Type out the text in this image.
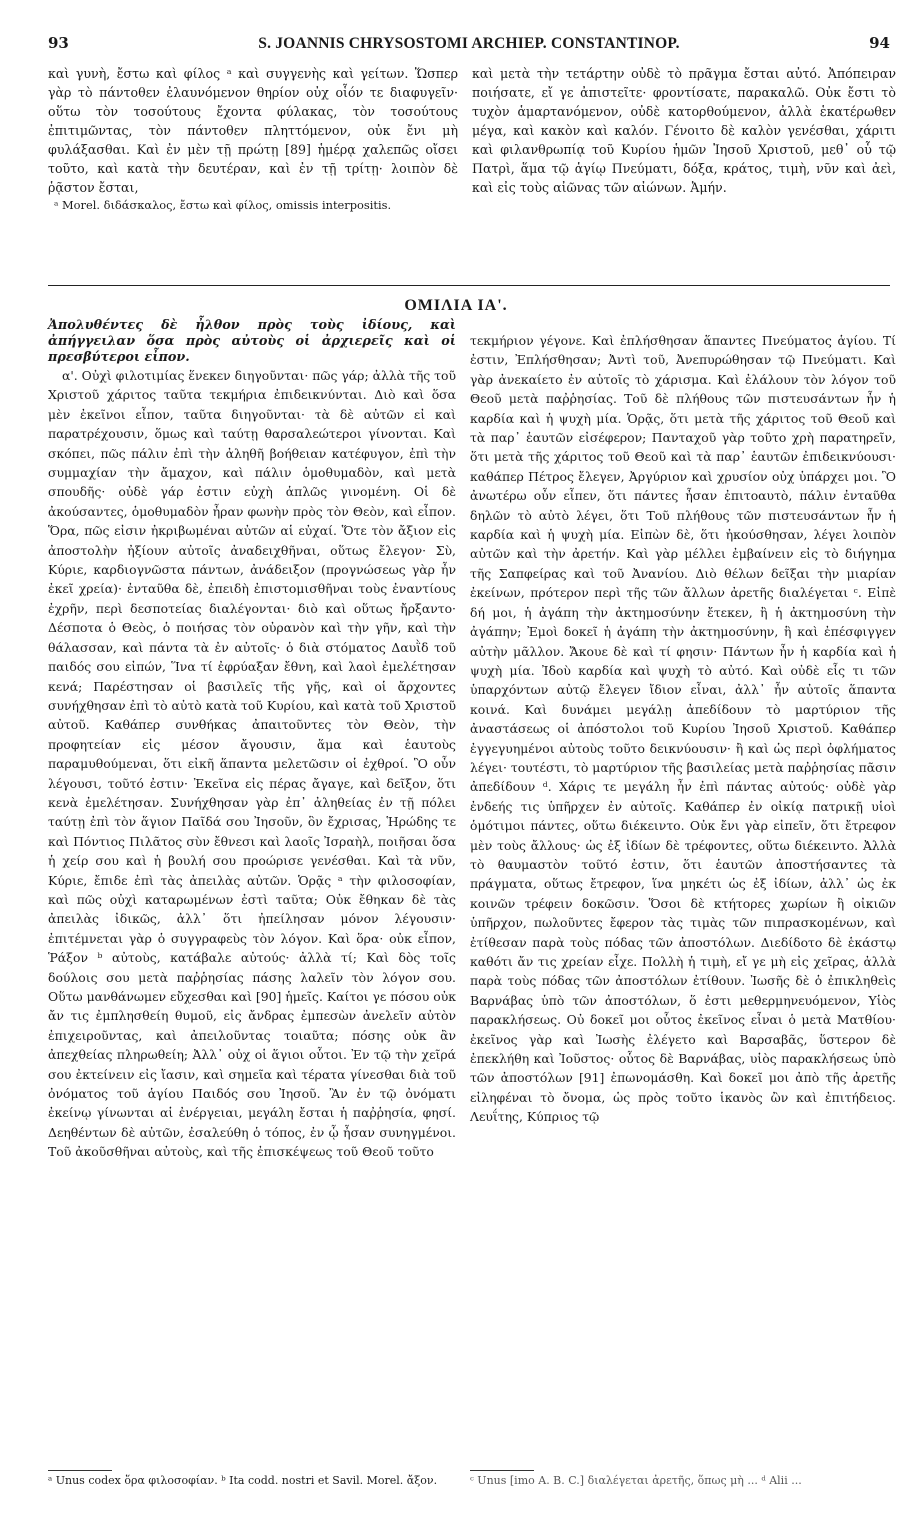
93	S. JOANNIS CHRYSOSTOMI ARCHIEP. CONSTANTINOP.	94

καὶ γυνὴ, ἔστω καὶ φίλος ᵃ καὶ συγγενὴς καὶ γείτων. Ὥσπερ γὰρ τὸ πάντοθεν ἐλαυνόμενον θηρίον οὐχ οἷόν τε διαφυγεῖν· οὕτω τὸν τοσούτους ἔχοντα φύλακας, τὸν τοσούτους ἐπιτιμῶντας, τὸν πάντοθεν πληττόμενον, οὐκ ἔνι μὴ φυλάξασθαι. Καὶ ἐν μὲν τῇ πρώτῃ [89] ἡμέρᾳ χαλεπῶς οἴσει τοῦτο, καὶ κατὰ τὴν δευτέραν, καὶ ἐν τῇ τρίτῃ· λοιπὸν δὲ ῥᾷστον ἔσται,

ᵃ Morel. διδάσκαλος, ἔστω καὶ φίλος, omissis interpositis.

καὶ μετὰ τὴν τετάρτην οὐδὲ τὸ πρᾶγμα ἔσται αὐτό. Ἀπόπειραν ποιήσατε, εἴ γε ἀπιστεῖτε· φροντίσατε, παρακαλῶ. Οὐκ ἔστι τὸ τυχὸν ἁμαρτανόμενον, οὐδὲ κατορθούμενον, ἀλλὰ ἑκατέρωθεν μέγα, καὶ κακὸν καὶ καλόν. Γένοιτο δὲ καλὸν γενέσθαι, χάριτι καὶ φιλανθρωπίᾳ τοῦ Κυρίου ἡμῶν Ἰησοῦ Χριστοῦ, μεθ᾽ οὗ τῷ Πατρὶ, ἅμα τῷ ἁγίῳ Πνεύματι, δόξα, κράτος, τιμὴ, νῦν καὶ ἀεὶ, καὶ εἰς τοὺς αἰῶνας τῶν αἰώνων. Ἀμήν.

ΟΜΙΛΙΑ ΙΑ'.

Ἀπολυθέντες δὲ ἦλθον πρὸς τοὺς ἰδίους, καὶ ἀπήγγειλαν ὅσα πρὸς αὐτοὺς οἱ ἀρχιερεῖς καὶ οἱ πρεσβύτεροι εἶπον.

α'. Οὐχὶ φιλοτιμίας ἕνεκεν διηγοῦνται· πῶς γάρ; ἀλλὰ τῆς τοῦ Χριστοῦ χάριτος ταῦτα τεκμήρια ἐπιδεικνύνται. Διὸ καὶ ὅσα μὲν ἐκεῖνοι εἶπον, ταῦτα διηγοῦνται· τὰ δὲ αὐτῶν εἰ καὶ παρατρέχουσιν, ὅμως καὶ ταύτῃ θαρσαλεώτεροι γίνονται. Καὶ σκόπει, πῶς πάλιν ἐπὶ τὴν ἀληθῆ βοήθειαν κατέφυγον, ἐπὶ τὴν συμμαχίαν τὴν ἄμαχον, καὶ πάλιν ὁμοθυμαδὸν, καὶ μετὰ σπουδῆς· οὐδὲ γάρ ἐστιν εὐχὴ ἁπλῶς γινομένη. Οἱ δὲ ἀκούσαντες, ὁμοθυμαδὸν ἦραν φωνὴν πρὸς τὸν Θεὸν, καὶ εἶπον. Ὅρα, πῶς εἰσιν ἠκριβωμέναι αὐτῶν αἱ εὐχαί. Ὅτε τὸν ἄξιον εἰς ἀποστολὴν ἠξίουν αὐτοῖς ἀναδειχθῆναι, οὕτως ἔλεγον· Σὺ, Κύριε, καρδιογνῶστα πάντων, ἀνάδειξον (προγνώσεως γὰρ ἦν ἐκεῖ χρεία)· ἐνταῦθα δὲ, ἐπειδὴ ἐπιστομισθῆναι τοὺς ἐναντίους ἐχρῆν, περὶ δεσποτείας διαλέγονται· διὸ καὶ οὕτως ἤρξαντο· Δέσποτα ὁ Θεὸς, ὁ ποιήσας τὸν οὐρανὸν καὶ τὴν γῆν, καὶ τὴν θάλασσαν, καὶ πάντα τὰ ἐν αὐτοῖς· ὁ διὰ στόματος Δαυῒδ τοῦ παιδός σου εἰπών, Ἵνα τί ἐφρύαξαν ἔθνη, καὶ λαοὶ ἐμελέτησαν κενά; Παρέστησαν οἱ βασιλεῖς τῆς γῆς, καὶ οἱ ἄρχοντες συνήχθησαν ἐπὶ τὸ αὐτὸ κατὰ τοῦ Κυρίου, καὶ κατὰ τοῦ Χριστοῦ αὐτοῦ. Καθάπερ συνθήκας ἀπαιτοῦντες τὸν Θεὸν, τὴν προφητείαν εἰς μέσον ἄγουσιν, ἅμα καὶ ἑαυτοὺς παραμυθούμεναι, ὅτι εἰκῆ ἅπαντα μελετῶσιν οἱ ἐχθροί. Ὃ οὖν λέγουσι, τοῦτό ἐστιν· Ἐκεῖνα εἰς πέρας ἄγαγε, καὶ δεῖξον, ὅτι κενὰ ἐμελέτησαν. Συνήχθησαν γὰρ ἐπ᾽ ἀληθείας ἐν τῇ πόλει ταύτῃ ἐπὶ τὸν ἅγιον Παῖδά σου Ἰησοῦν, ὃν ἔχρισας, Ἡρώδης τε καὶ Πόντιος Πιλᾶτος σὺν ἔθνεσι καὶ λαοῖς Ἰσραὴλ, ποιῆσαι ὅσα ἡ χείρ σου καὶ ἡ βουλή σου προώρισε γενέσθαι. Καὶ τὰ νῦν, Κύριε, ἔπιδε ἐπὶ τὰς ἀπειλὰς αὐτῶν. Ὁρᾷς ᵃ τὴν φιλοσοφίαν, καὶ πῶς οὐχὶ καταρωμένων ἐστὶ ταῦτα; Οὐκ ἔθηκαν δὲ τὰς ἀπειλὰς ἰδικῶς, ἀλλ᾽ ὅτι ἠπείλησαν μόνον λέγουσιν· ἐπιτέμνεται γὰρ ὁ συγγραφεὺς τὸν λόγον. Καὶ ὅρα· οὐκ εἶπον, Ῥάξον ᵇ αὐτοὺς, κατάβαλε αὐτούς· ἀλλὰ τί; Καὶ δὸς τοῖς δούλοις σου μετὰ παῤῥησίας πάσης λαλεῖν τὸν λόγον σου. Οὕτω μανθάνωμεν εὔχεσθαι καὶ [90] ἡμεῖς. Καίτοι γε πόσου οὐκ ἄν τις ἐμπλησθείη θυμοῦ, εἰς ἄνδρας ἐμπεσὼν ἀνελεῖν αὐτὸν ἐπιχειροῦντας, καὶ ἀπειλοῦντας τοιαῦτα; πόσης οὐκ ἂν ἀπεχθείας πληρωθείη; Ἀλλ᾽ οὐχ οἱ ἅγιοι οὗτοι. Ἐν τῷ τὴν χεῖρά σου ἐκτείνειν εἰς ἴασιν, καὶ σημεῖα καὶ τέρατα γίνεσθαι διὰ τοῦ ὀνόματος τοῦ ἁγίου Παιδός σου Ἰησοῦ. Ἂν ἐν τῷ ὀνόματι ἐκείνῳ γίνωνται αἱ ἐνέργειαι, μεγάλη ἔσται ἡ παῤῥησία, φησί. Δεηθέντων δὲ αὐτῶν, ἐσαλεύθη ὁ τόπος, ἐν ᾧ ἦσαν συνηγμένοι. Τοῦ ἀκοῦσθῆναι αὐτοὺς, καὶ τῆς ἐπισκέψεως τοῦ Θεοῦ τοῦτο

τεκμήριον γέγονε. Καὶ ἐπλήσθησαν ἅπαντες Πνεύματος ἁγίου. Τί ἐστιν, Ἐπλήσθησαν; Ἀντὶ τοῦ, Ἀνεπυρώθησαν τῷ Πνεύματι. Καὶ γὰρ ἀνεκαίετο ἐν αὐτοῖς τὸ χάρισμα. Καὶ ἐλάλουν τὸν λόγον τοῦ Θεοῦ μετὰ παῤῥησίας. Τοῦ δὲ πλήθους τῶν πιστευσάντων ἦν ἡ καρδία καὶ ἡ ψυχὴ μία. Ὁρᾷς, ὅτι μετὰ τῆς χάριτος τοῦ Θεοῦ καὶ τὰ παρ᾽ ἑαυτῶν εἰσέφερον; Πανταχοῦ γὰρ τοῦτο χρὴ παρατηρεῖν, ὅτι μετὰ τῆς χάριτος τοῦ Θεοῦ καὶ τὰ παρ᾽ ἑαυτῶν ἐπιδεικνύουσι· καθάπερ Πέτρος ἔλεγεν, Ἀργύριον καὶ χρυσίον οὐχ ὑπάρχει μοι. Ὃ ἀνωτέρω οὖν εἶπεν, ὅτι πάντες ἦσαν ἐπιτοαυτὸ, πάλιν ἐνταῦθα δηλῶν τὸ αὐτὸ λέγει, ὅτι Τοῦ πλήθους τῶν πιστευσάντων ἦν ἡ καρδία καὶ ἡ ψυχὴ μία. Εἰπὼν δὲ, ὅτι ἠκούσθησαν, λέγει λοιπὸν αὐτῶν καὶ τὴν ἀρετήν. Καὶ γὰρ μέλλει ἐμβαίνειν εἰς τὸ διήγημα τῆς Σαπφείρας καὶ τοῦ Ἀνανίου. Διὸ θέλων δεῖξαι τὴν μιαρίαν ἐκείνων, πρότερον περὶ τῆς τῶν ἄλλων ἀρετῆς διαλέγεται ᶜ. Εἰπὲ δή μοι, ἡ ἀγάπη τὴν ἀκτημοσύνην ἔτεκεν, ἢ ἡ ἀκτημοσύνη τὴν ἀγάπην; Ἐμοὶ δοκεῖ ἡ ἀγάπη τὴν ἀκτημοσύνην, ἣ καὶ ἐπέσφιγγεν αὐτὴν μᾶλλον. Ἄκουε δὲ καὶ τί φησιν· Πάντων ἦν ἡ καρδία καὶ ἡ ψυχὴ μία. Ἰδοὺ καρδία καὶ ψυχὴ τὸ αὐτό. Καὶ οὐδὲ εἷς τι τῶν ὑπαρχόντων αὐτῷ ἔλεγεν ἴδιον εἶναι, ἀλλ᾽ ἦν αὐτοῖς ἅπαντα κοινά. Καὶ δυνάμει μεγάλῃ ἀπεδίδουν τὸ μαρτύριον τῆς ἀναστάσεως οἱ ἀπόστολοι τοῦ Κυρίου Ἰησοῦ Χριστοῦ. Καθάπερ ἐγγεγυημένοι αὐτοὺς τοῦτο δεικνύουσιν· ἢ καὶ ὡς περὶ ὀφλήματος λέγει· τουτέστι, τὸ μαρτύριον τῆς βασιλείας μετὰ παῤῥησίας πᾶσιν ἀπεδίδουν ᵈ. Χάρις τε μεγάλη ἦν ἐπὶ πάντας αὐτούς· οὐδὲ γὰρ ἐνδεής τις ὑπῆρχεν ἐν αὐτοῖς. Καθάπερ ἐν οἰκίᾳ πατρικῇ υἱοὶ ὁμότιμοι πάντες, οὕτω διέκειντο. Οὐκ ἔνι γὰρ εἰπεῖν, ὅτι ἔτρεφον μὲν τοὺς ἄλλους· ὡς ἐξ ἰδίων δὲ τρέφοντες, οὕτω διέκειντο. Ἀλλὰ τὸ θαυμαστὸν τοῦτό ἐστιν, ὅτι ἑαυτῶν ἀποστήσαντες τὰ πράγματα, οὕτως ἔτρεφον, ἵνα μηκέτι ὡς ἐξ ἰδίων, ἀλλ᾽ ὡς ἐκ κοινῶν τρέφειν δοκῶσιν. Ὅσοι δὲ κτήτορες χωρίων ἢ οἰκιῶν ὑπῆρχον, πωλοῦντες ἔφερον τὰς τιμὰς τῶν πιπρασκομένων, καὶ ἐτίθεσαν παρὰ τοὺς πόδας τῶν ἀποστόλων. Διεδίδοτο δὲ ἑκάστῳ καθότι ἄν τις χρείαν εἶχε. Πολλὴ ἡ τιμὴ, εἴ γε μὴ εἰς χεῖρας, ἀλλὰ παρὰ τοὺς πόδας τῶν ἀποστόλων ἐτίθουν. Ἰωσῆς δὲ ὁ ἐπικληθεὶς Βαρνάβας ὑπὸ τῶν ἀποστόλων, ὅ ἐστι μεθερμηνευόμενον, Υἱὸς παρακλήσεως. Οὐ δοκεῖ μοι οὗτος ἐκεῖνος εἶναι ὁ μετὰ Ματθίου· ἐκεῖνος γὰρ καὶ Ἰωσὴς ἐλέγετο καὶ Βαρσαβᾶς, ὕστερον δὲ ἐπεκλήθη καὶ Ἰοῦστος· οὗτος δὲ Βαρνάβας, υἱὸς παρακλήσεως ὑπὸ τῶν ἀποστόλων [91] ἐπωνομάσθη. Καὶ δοκεῖ μοι ἀπὸ τῆς ἀρετῆς εἰληφέναι τὸ ὄνομα, ὡς πρὸς τοῦτο ἱκανὸς ὢν καὶ ἐπιτήδειος. Λευΐτης, Κύπριος τῷ

ᵃ Unus codex ὅρα φιλοσοφίαν. ᵇ Ita codd. nostri et Savil. Morel. ἄξον.	ᶜ Unus [imo A. B. C.] διαλέγεται ἀρετῆς, ὅπως μὴ ... ᵈ Alii ...
